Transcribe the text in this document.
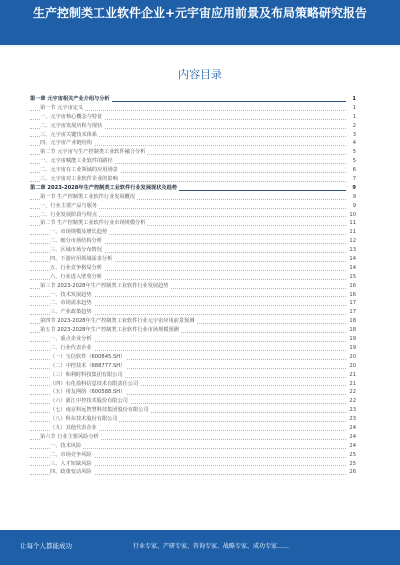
生产控制类工业软件企业+元宇宙应用前景及布局策略研究报告
内容目录
第一章 元宇宙相关产业介绍与分析	1
第一节 元宇宙定义	1
一、元宇宙核心概念与特征	1
二、元宇宙发展历程与现状	2
三、元宇宙关键技术体系	3
四、元宇宙产业链结构	4
第二节 元宇宙与生产控制类工业软件融合分析	5
一、元宇宙赋能工业软件的路径	5
二、元宇宙在工业领域的应用场景	6
三、元宇宙对工业软件企业的影响	7
第二章 2023-2028年生产控制类工业软件行业发展现状及趋势	9
第一节 生产控制类工业软件行业发展概况	9
一、行业主要产品与服务	9
二、行业发展阶段与特点	10
第二节 生产控制类工业软件行业市场规模分析	11
一、市场规模及增长趋势	11
二、细分市场结构分析	12
三、区域市场分布情况	13
四、下游应用领域需求分析	14
五、行业竞争格局分析	14
六、行业进入壁垒分析	15
第三节 2023-2028年生产控制类工业软件行业发展趋势	16
一、技术发展趋势	16
二、市场需求趋势	17
三、产业政策趋势	17
第四节 2023-2028年生产控制类工业软件行业元宇宙应用前景预测	18
第五节 2023-2028年生产控制类工业软件行业市场规模预测	18
一、重点企业分析	19
二、行业代表企业	19
（一）宝信软件（600845.SH）	20
（二）中控技术（688777.SH）	20
（三）和利时科技集团有限公司	21
（四）石化盈科信息技术有限责任公司	21
（五）用友网络（600588.SH）	22
（六）浙江中控技术股份有限公司	22
（七）南京科远智慧科技集团股份有限公司	23
（八）科东技术股份有限公司	23
（九）其他代表企业	24
第六节 行业主要风险分析	24
一、技术风险	24
二、市场竞争风险	25
三、人才短缺风险	25
四、政策变动风险	26
让每个人都能成功	行业专家、产研专家、咨询专家、战略专家、成功专家……
